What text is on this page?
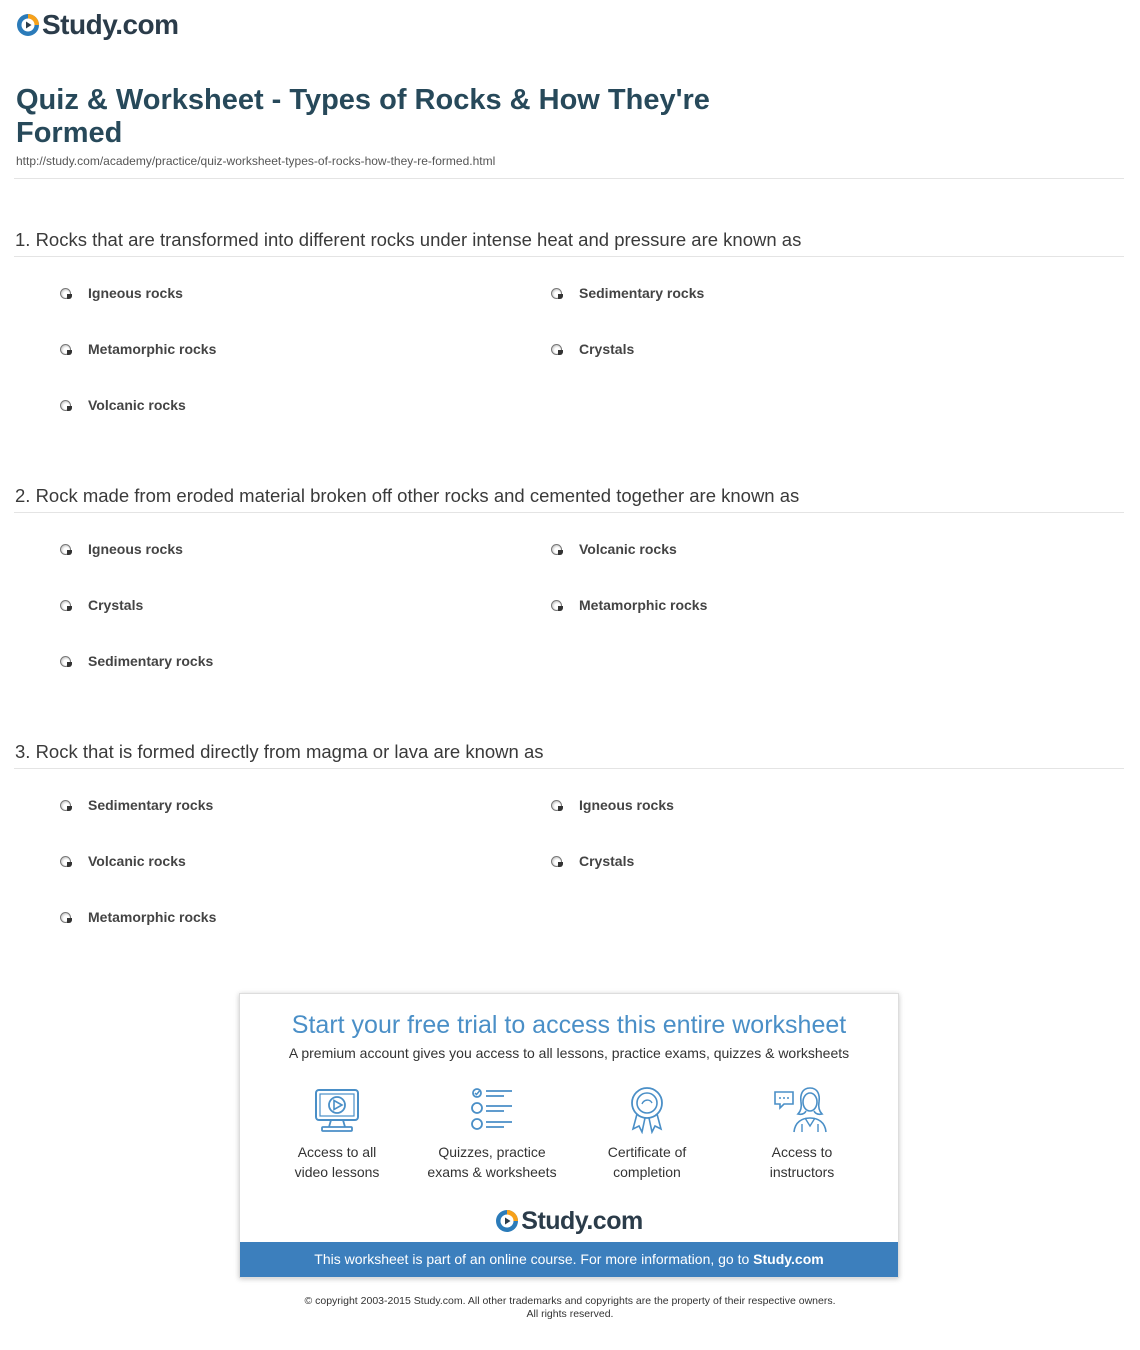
Study.com
Quiz & Worksheet - Types of Rocks & How They're Formed
http://study.com/academy/practice/quiz-worksheet-types-of-rocks-how-they-re-formed.html
1. Rocks that are transformed into different rocks under intense heat and pressure are known as
Igneous rocks	Sedimentary rocks
Metamorphic rocks	Crystals
Volcanic rocks
2. Rock made from eroded material broken off other rocks and cemented together are known as
Igneous rocks	Volcanic rocks
Crystals	Metamorphic rocks
Sedimentary rocks
3. Rock that is formed directly from magma or lava are known as
Sedimentary rocks	Igneous rocks
Volcanic rocks	Crystals
Metamorphic rocks
Start your free trial to access this entire worksheet
A premium account gives you access to all lessons, practice exams, quizzes & worksheets
Access to all
video lessons
Quizzes, practice
exams & worksheets
Certificate of
completion
Access to
instructors
Study.com
This worksheet is part of an online course. For more information, go to Study.com
© copyright 2003-2015 Study.com. All other trademarks and copyrights are the property of their respective owners.
All rights reserved.
